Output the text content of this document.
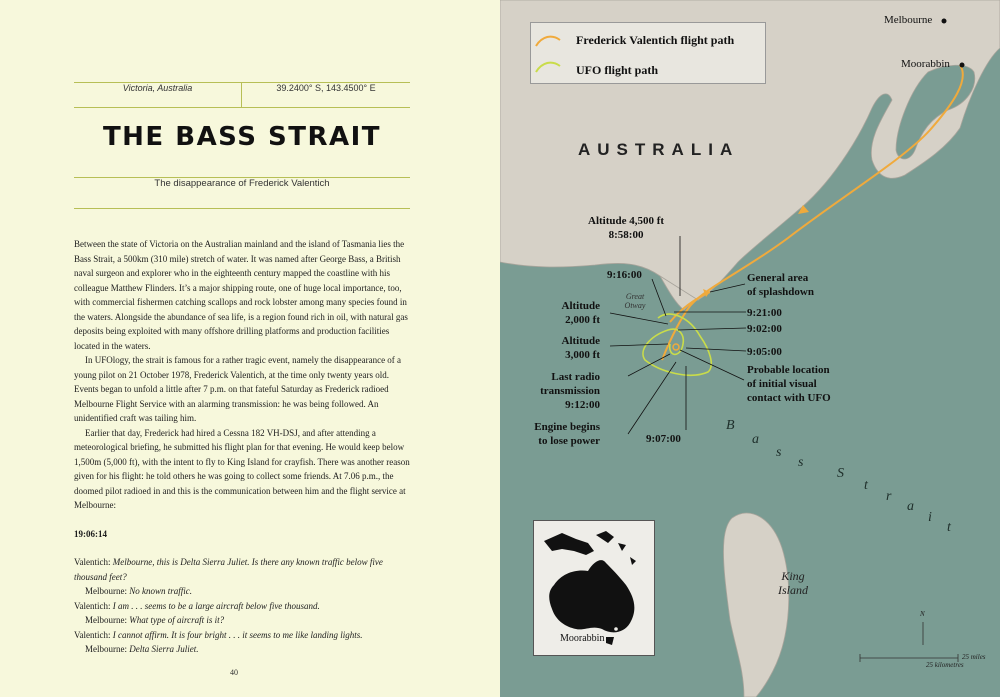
Victoria, Australia	39.2400° S, 143.4500° E
THE BASS STRAIT
The disappearance of Frederick Valentich

Between the state of Victoria on the Australian mainland and the island of Tasmania lies the Bass Strait, a 500km (310 mile) stretch of water. It was named after George Bass, a British naval surgeon and explorer who in the eighteenth century mapped the coastline with his colleague Matthew Flinders. It’s a major shipping route, one of huge local importance, too, with commercial fishermen catching scallops and rock lobster among many species found in the waters. Alongside the abundance of sea life, is a region found rich in oil, with natural gas deposits being exploited with many offshore drilling platforms and production facilities located in the waters.

In UFOlogy, the strait is famous for a rather tragic event, namely the disappearance of a young pilot on 21 October 1978, Frederick Valentich, at the time only twenty years old. Events began to unfold a little after 7 p.m. on that fateful Saturday as Frederick radioed Melbourne Flight Service with an alarming transmission: he was being followed. An unidentified craft was tailing him.

Earlier that day, Frederick had hired a Cessna 182 VH-DSJ, and after attending a meteorological briefing, he submitted his flight plan for that evening. He would keep below 1,500m (5,000 ft), with the intent to fly to King Island for crayfish. There was another reason given for his flight: he told others he was going to collect some friends. At 7.06 p.m., the doomed pilot radioed in and this is the communication between him and the flight service at Melbourne:

19:06:14

Valentich: Melbourne, this is Delta Sierra Juliet. Is there any known traffic below five thousand feet?

Melbourne: No known traffic.

Valentich: I am . . . seems to be a large aircraft below five thousand.

Melbourne: What type of aircraft is it?

Valentich: I cannot affirm. It is four bright . . . it seems to me like landing lights.

Melbourne: Delta Sierra Juliet.

40
Frederick Valentich flight path
UFO flight path
Melbourne
Moorabbin
AUSTRALIA
Great
Otway
Altitude 4,500 ft
8:58:00
9:16:00
Altitude
2,000 ft
Altitude
3,000 ft
Last radio
transmission
9:12:00
Engine begins
to lose power	9:07:00
General area
of splashdown
9:21:00
9:02:00
9:05:00
Probable location
of initial visual
contact with UFO
B
a
s
s
S
t
r
a
i
t
King
Island
Moorabbin
N
25 miles
25 kilometres
